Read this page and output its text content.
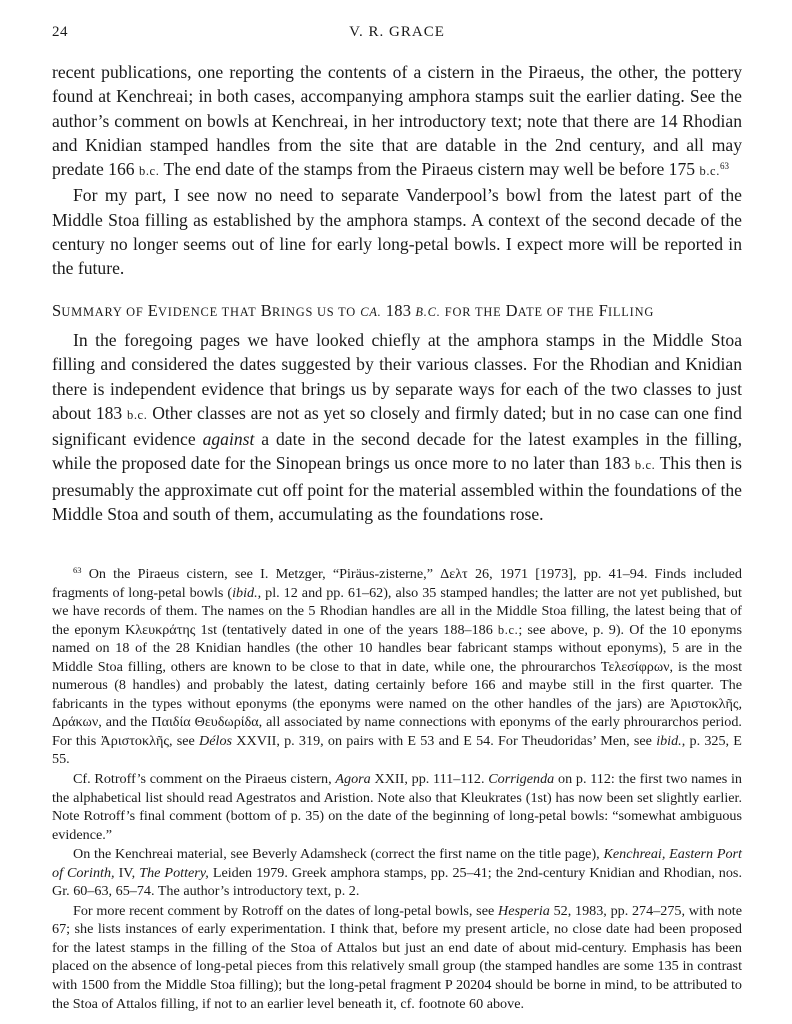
24	V. R. GRACE

recent publications, one reporting the contents of a cistern in the Piraeus, the other, the pottery found at Kenchreai; in both cases, accompanying amphora stamps suit the earlier dating. See the author’s comment on bowls at Kenchreai, in her introductory text; note that there are 14 Rhodian and Knidian stamped handles from the site that are datable in the 2nd century, and all may predate 166 b.c. The end date of the stamps from the Piraeus cistern may well be before 175 b.c.$^{63}$

For my part, I see now no need to separate Vanderpool’s bowl from the latest part of the Middle Stoa filling as established by the amphora stamps. A context of the second decade of the century no longer seems out of line for early long-petal bowls. I expect more will be reported in the future.

SUMMARY OF EVIDENCE THAT BRINGS US TO CA. 183 B.C. FOR THE DATE OF THE FILLING

In the foregoing pages we have looked chiefly at the amphora stamps in the Middle Stoa filling and considered the dates suggested by their various classes. For the Rhodian and Knidian there is independent evidence that brings us by separate ways for each of the two classes to just about 183 b.c. Other classes are not as yet so closely and firmly dated; but in no case can one find significant evidence against a date in the second decade for the latest examples in the filling, while the proposed date for the Sinopean brings us once more to no later than 183 b.c. This then is presumably the approximate cut off point for the material assembled within the foundations of the Middle Stoa and south of them, accumulating as the foundations rose.

$^{63}$ On the Piraeus cistern, see I. Metzger, “Piräus-zisterne,” Δελτ 26, 1971 [1973], pp. 41–94. Finds included fragments of long-petal bowls (ibid., pl. 12 and pp. 61–62), also 35 stamped handles; the latter are not yet published, but we have records of them. The names on the 5 Rhodian handles are all in the Middle Stoa filling, the latest being that of the eponym Κλευκράτης 1st (tentatively dated in one of the years 188–186 b.c.; see above, p. 9). Of the 10 eponyms named on 18 of the 28 Knidian handles (the other 10 handles bear fabricant stamps without eponyms), 5 are in the Middle Stoa filling, others are known to be close to that in date, while one, the phrourarchos Τελεσίφρων, is the most numerous (8 handles) and probably the latest, dating certainly before 166 and maybe still in the first quarter. The fabricants in the types without eponyms (the eponyms were named on the other handles of the jars) are Ἀριστοκλῆς, Δράκων, and the Παιδία Θευδωρίδα, all associated by name connections with eponyms of the early phrourarchos period. For this Ἀριστοκλῆς, see Délos XXVII, p. 319, on pairs with E 53 and E 54. For Theudoridas’ Men, see ibid., p. 325, E 55.

Cf. Rotroff’s comment on the Piraeus cistern, Agora XXII, pp. 111–112. Corrigenda on p. 112: the first two names in the alphabetical list should read Agestratos and Aristion. Note also that Kleukrates (1st) has now been set slightly earlier. Note Rotroff’s final comment (bottom of p. 35) on the date of the beginning of long-petal bowls: “somewhat ambiguous evidence.”

On the Kenchreai material, see Beverly Adamsheck (correct the first name on the title page), Kenchreai, Eastern Port of Corinth, IV, The Pottery, Leiden 1979. Greek amphora stamps, pp. 25–41; the 2nd-century Knidian and Rhodian, nos. Gr. 60–63, 65–74. The author’s introductory text, p. 2.

For more recent comment by Rotroff on the dates of long-petal bowls, see Hesperia 52, 1983, pp. 274–275, with note 67; she lists instances of early experimentation. I think that, before my present article, no close date had been proposed for the latest stamps in the filling of the Stoa of Attalos but just an end date of about mid-century. Emphasis has been placed on the absence of long-petal pieces from this relatively small group (the stamped handles are some 135 in contrast with 1500 from the Middle Stoa filling); but the long-petal fragment P 20204 should be borne in mind, to be attributed to the Stoa of Attalos filling, if not to an earlier level beneath it, cf. footnote 60 above.
